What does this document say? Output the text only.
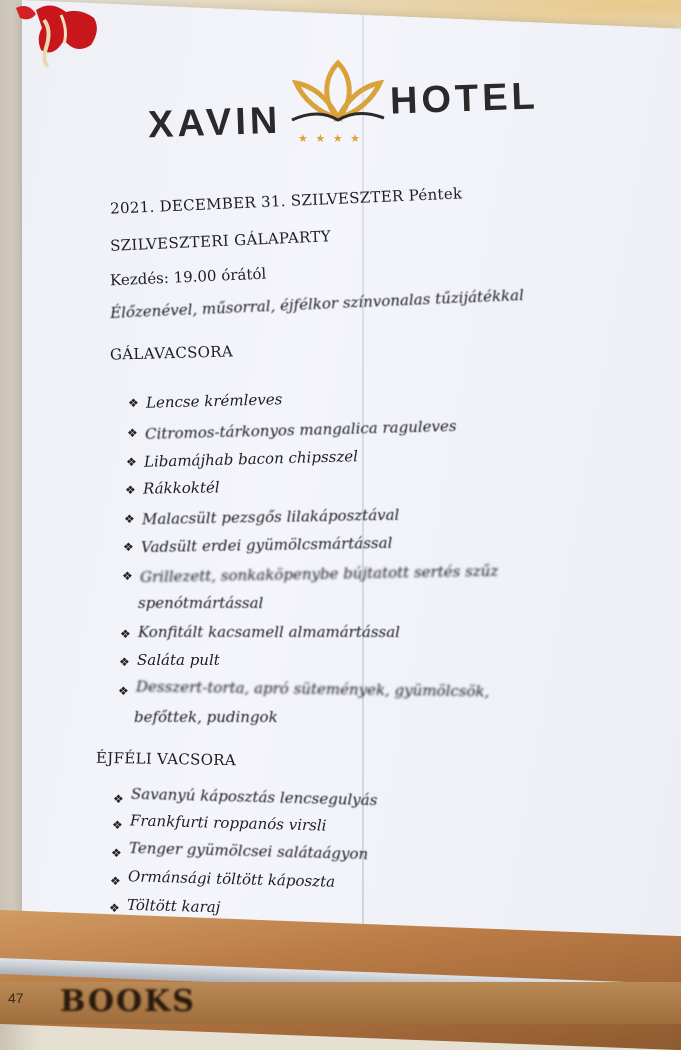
XAVIN ★ ★ ★ ★
HOTEL
2021. DECEMBER 31. SZILVESZTER Péntek
SZILVESZTERI GÁLAPARTY
Kezdés: 19.00 órától
Élőzenével, műsorral, éjfélkor színvonalas tűzijátékkal
GÁLAVACSORA
❖ Lencse krémleves
❖ Citromos-tárkonyos mangalica raguleves
❖ Libamájhab bacon chipsszel
❖ Rákkoktél
❖ Malacsült pezsgős lilakáposztával
❖ Vadsült erdei gyümölcsmártással
❖ Grillezett, sonkaköpenybe bújtatott sertés szűz
spenótmártással
❖ Konfitált kacsamell almamártással
❖ Saláta pult
❖ Desszert-torta, apró sütemények, gyümölcsök,
befőttek, pudingok
ÉJFÉLI VACSORA
❖ Savanyú káposztás lencsegulyás
❖ Frankfurti roppanós virsli
❖ Tenger gyümölcsei salátaágyon
❖ Ormánsági töltött káposzta
❖ Töltött karaj
47 BOOKS
